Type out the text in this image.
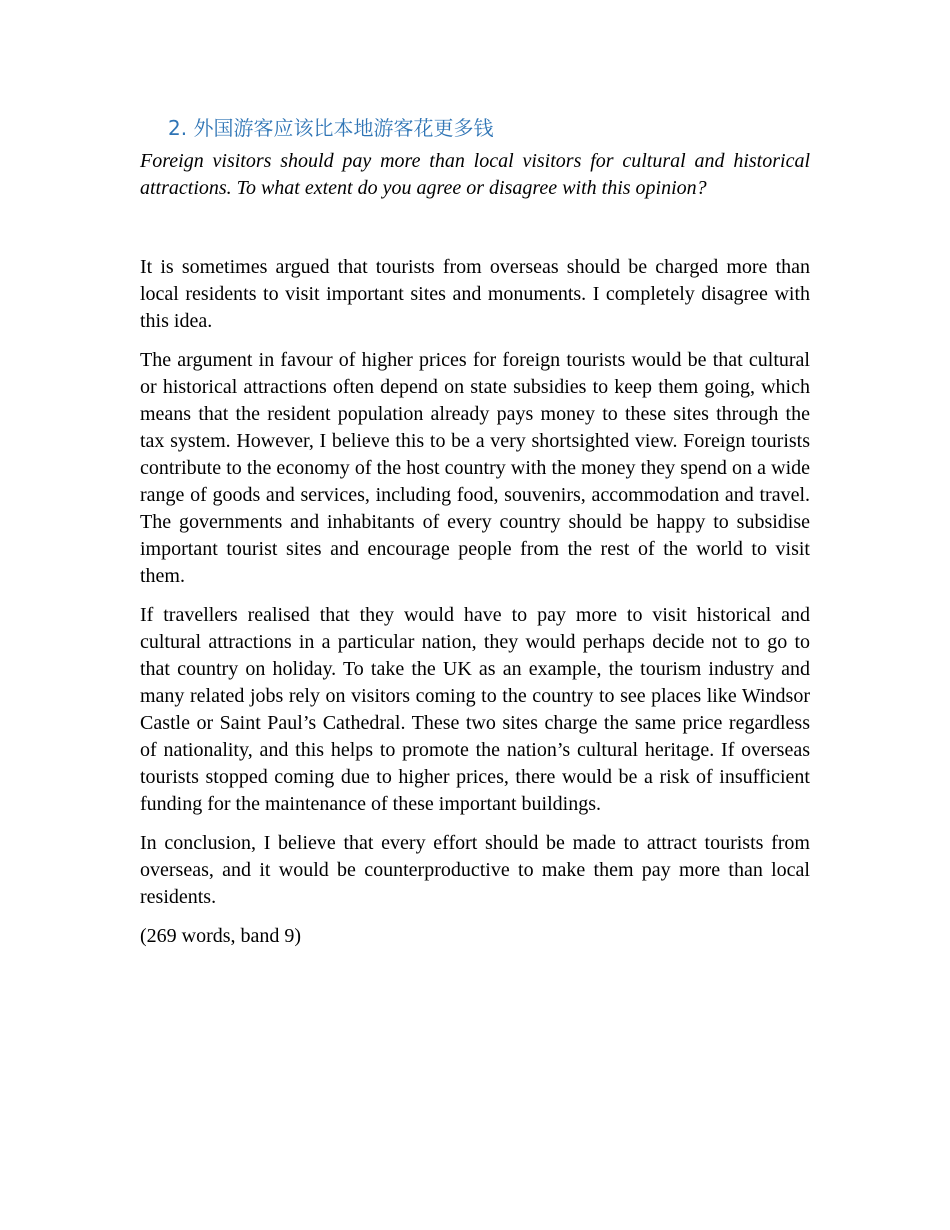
2. 外国游客应该比本地游客花更多钱

Foreign visitors should pay more than local visitors for cultural and historical attractions. To what extent do you agree or disagree with this opinion?

It is sometimes argued that tourists from overseas should be charged more than local residents to visit important sites and monuments. I completely disagree with this idea.

The argument in favour of higher prices for foreign tourists would be that cultural or historical attractions often depend on state subsidies to keep them going, which means that the resident population already pays money to these sites through the tax system. However, I believe this to be a very shortsighted view. Foreign tourists contribute to the economy of the host country with the money they spend on a wide range of goods and services, including food, souvenirs, accommodation and travel. The governments and inhabitants of every country should be happy to subsidise important tourist sites and encourage people from the rest of the world to visit them.

If travellers realised that they would have to pay more to visit historical and cultural attractions in a particular nation, they would perhaps decide not to go to that country on holiday. To take the UK as an example, the tourism industry and many related jobs rely on visitors coming to the country to see places like Windsor Castle or Saint Paul’s Cathedral. These two sites charge the same price regardless of nationality, and this helps to promote the nation’s cultural heritage. If overseas tourists stopped coming due to higher prices, there would be a risk of insufficient funding for the maintenance of these important buildings.

In conclusion, I believe that every effort should be made to attract tourists from overseas, and it would be counterproductive to make them pay more than local residents.

(269 words, band 9)
